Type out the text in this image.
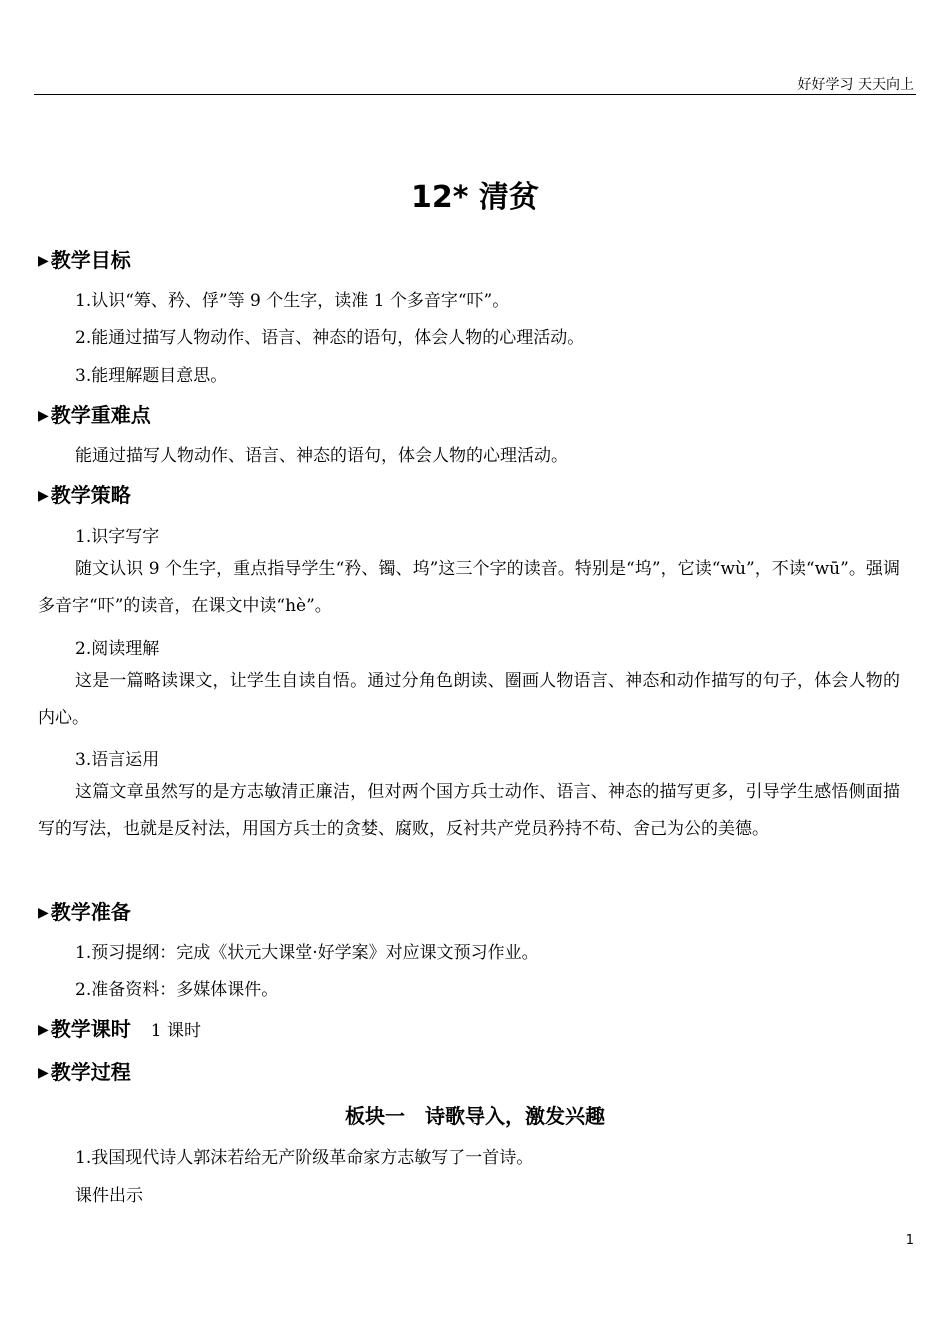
好好学习 天天向上
12* 清贫
▶ 教学目标
1.认识“筹、矜、俘”等 9 个生字，读准 1 个多音字“吓”。
2.能通过描写人物动作、语言、神态的语句，体会人物的心理活动。
3.能理解题目意思。
▶ 教学重难点
能通过描写人物动作、语言、神态的语句，体会人物的心理活动。
▶ 教学策略
1.识字写字
随文认识 9 个生字，重点指导学生“矜、镯、坞”这三个字的读音。特别是“坞”，它读“wù”，不读“wū”。强调多音字“吓”的读音，在课文中读“hè”。
2.阅读理解
这是一篇略读课文，让学生自读自悟。通过分角色朗读、圈画人物语言、神态和动作描写的句子，体会人物的内心。
3.语言运用
这篇文章虽然写的是方志敏清正廉洁，但对两个国方兵士动作、语言、神态的描写更多，引导学生感悟侧面描写的写法，也就是反衬法，用国方兵士的贪婪、腐败，反衬共产党员矜持不苟、舍己为公的美德。
▶ 教学准备
1.预习提纲：完成《状元大课堂·好学案》对应课文预习作业。
2.准备资料：多媒体课件。
▶ 教学课时 1 课时
▶ 教学过程
板块一　诗歌导入，激发兴趣
1.我国现代诗人郭沫若给无产阶级革命家方志敏写了一首诗。
课件出示
1
